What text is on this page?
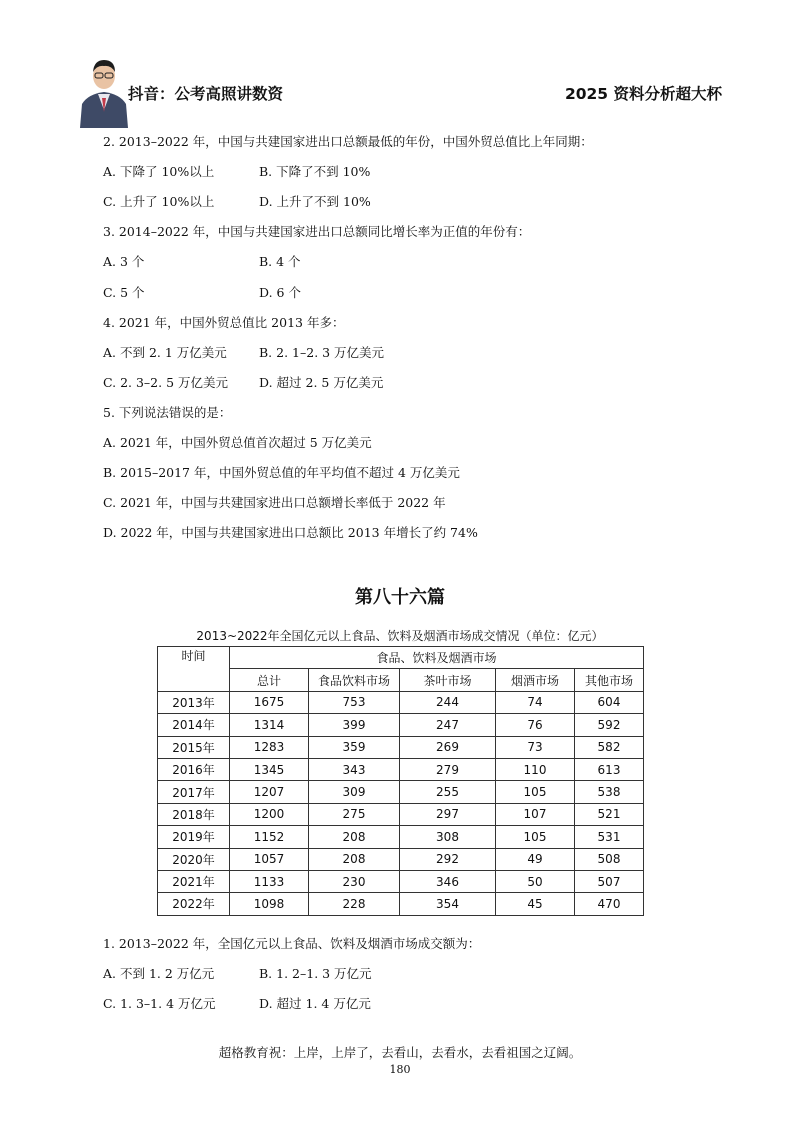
抖音：公考高照讲数资	2025 资料分析超大杯
2. 2013–2022 年，中国与共建国家进出口总额最低的年份，中国外贸总值比上年同期：
A. 下降了 10%以上	B. 下降了不到 10%
C. 上升了 10%以上	D. 上升了不到 10%
3. 2014–2022 年，中国与共建国家进出口总额同比增长率为正值的年份有：
A. 3 个	B. 4 个
C. 5 个	D. 6 个
4. 2021 年，中国外贸总值比 2013 年多：
A. 不到 2. 1 万亿美元	B. 2. 1–2. 3 万亿美元
C. 2. 3–2. 5 万亿美元 D. 超过 2. 5 万亿美元
5. 下列说法错误的是：
A. 2021 年，中国外贸总值首次超过 5 万亿美元
B. 2015–2017 年，中国外贸总值的年平均值不超过 4 万亿美元
C. 2021 年，中国与共建国家进出口总额增长率低于 2022 年
D. 2022 年，中国与共建国家进出口总额比 2013 年增长了约 74%
第八十六篇
2013~2022年全国亿元以上食品、饮料及烟酒市场成交情况（单位：亿元）
时间	食品、饮料及烟酒市场				
	总计	食品饮料市场	茶叶市场	烟酒市场	其他市场
2013年	1675	753	244	74	604
2014年	1314	399	247	76	592
2015年	1283	359	269	73	582
2016年	1345	343	279	110	613
2017年	1207	309	255	105	538
2018年	1200	275	297	107	521
2019年	1152	208	308	105	531
2020年	1057	208	292	49	508
2021年	1133	230	346	50	507
2022年	1098	228	354	45	470
1. 2013–2022 年，全国亿元以上食品、饮料及烟酒市场成交额为：
A. 不到 1. 2 万亿元	B. 1. 2–1. 3 万亿元
C. 1. 3–1. 4 万亿元	D. 超过 1. 4 万亿元
超格教育祝：上岸，上岸了，去看山，去看水，去看祖国之辽阔。
180
